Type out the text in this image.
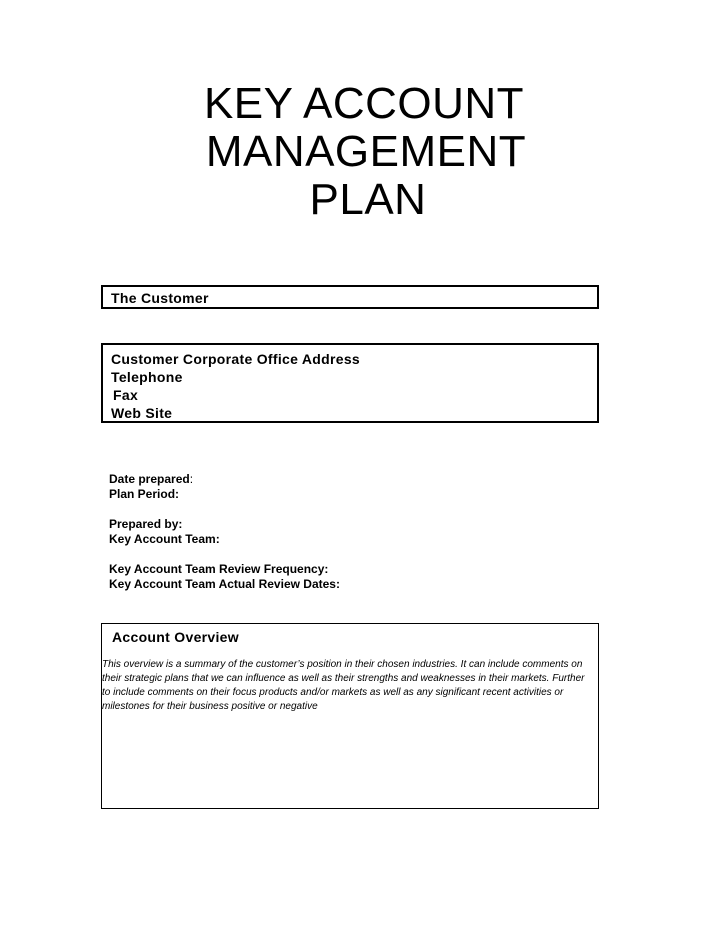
KEY ACCOUNT
MANAGEMENT
PLAN
The Customer
Customer Corporate Office Address
Telephone
Fax
Web Site
Date prepared:
Plan Period:
Prepared by:
Key Account Team:
Key Account Team Review Frequency:
Key Account Team Actual Review Dates:
Account Overview
This overview is a summary of the customer’s position in their chosen industries. It can include comments on their strategic plans that we can influence as well as their strengths and weaknesses in their markets. Further to include comments on their focus products and/or markets as well as any significant recent activities or milestones for their business positive or negative
